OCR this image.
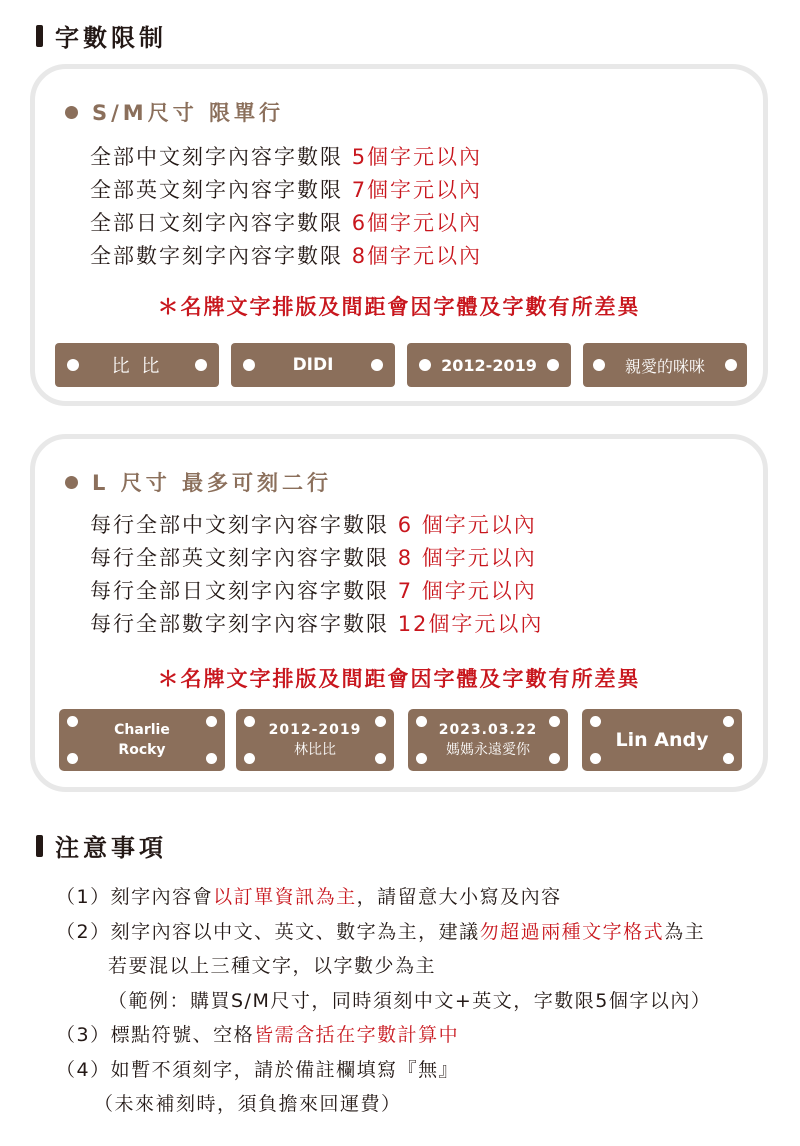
字數限制
S/M尺寸 限單行
全部中文刻字內容字數限 5個字元以內
全部英文刻字內容字數限 7個字元以內
全部日文刻字內容字數限 6個字元以內
全部數字刻字內容字數限 8個字元以內
＊名牌文字排版及間距會因字體及字數有所差異
比 比	DIDI	2012-2019	親愛的咪咪
L 尺寸 最多可刻二行
每行全部中文刻字內容字數限 6 個字元以內
每行全部英文刻字內容字數限 8 個字元以內
每行全部日文刻字內容字數限 7 個字元以內
每行全部數字刻字內容字數限 12個字元以內
＊名牌文字排版及間距會因字體及字數有所差異
Charlie
Rocky
2012-2019
林比比
2023.03.22
媽媽永遠愛你	Lin Andy
注意事項
（1）刻字內容會以訂單資訊為主，請留意大小寫及內容
（2）刻字內容以中文、英文、數字為主，建議勿超過兩種文字格式為主
若要混以上三種文字，以字數少為主
（範例：購買S/M尺寸，同時須刻中文+英文，字數限5個字以內）
（3）標點符號、空格皆需含括在字數計算中
（4）如暫不須刻字，請於備註欄填寫『無』
（未來補刻時，須負擔來回運費）
